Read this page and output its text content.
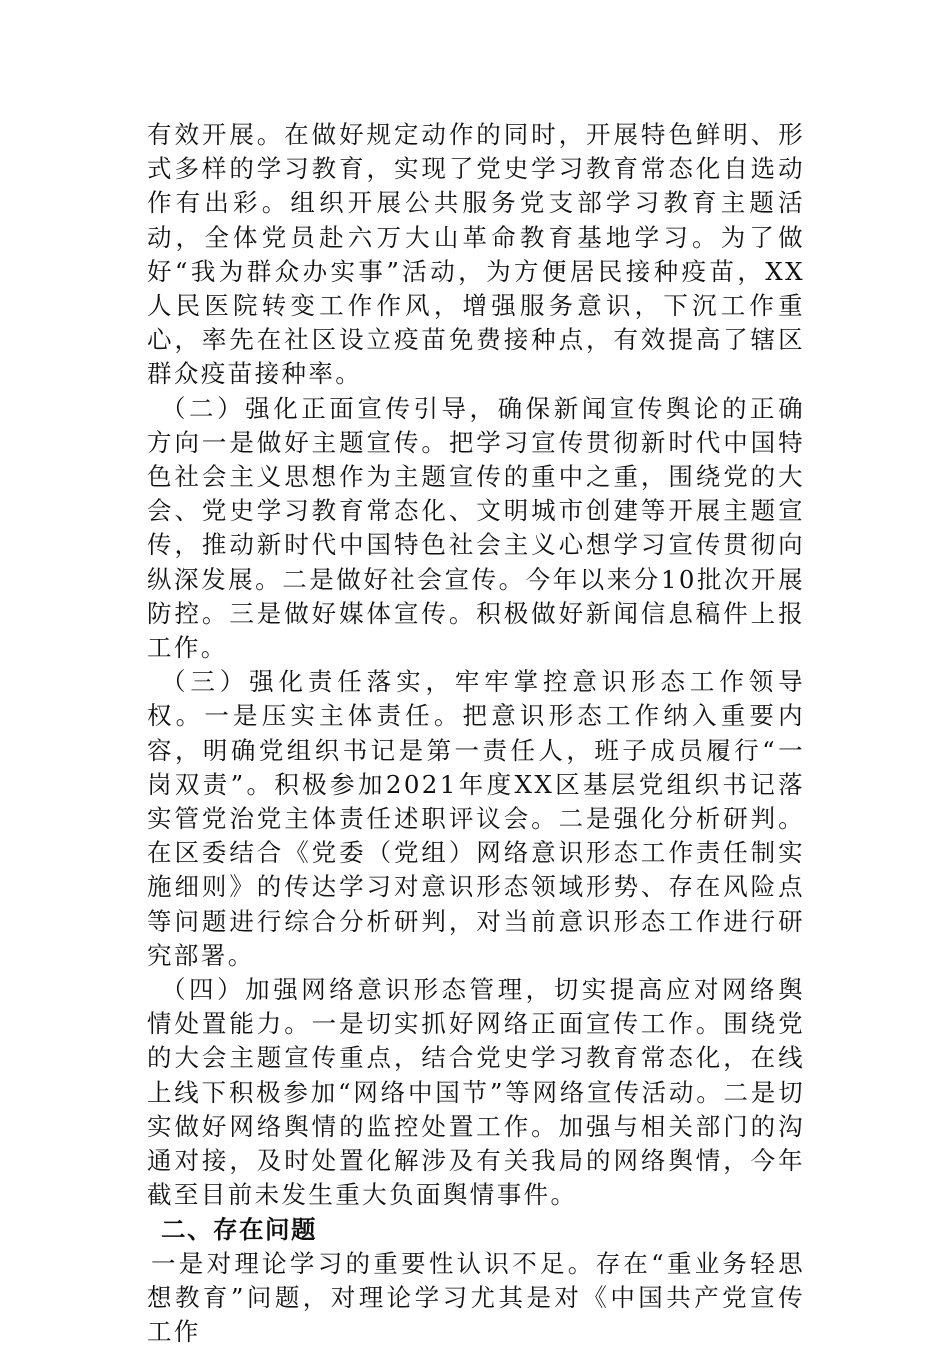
有效开展。在做好规定动作的同时，开展特色鲜明、形式多样的学习教育，实现了党史学习教育常态化自选动作有出彩。组织开展公共服务党支部学习教育主题活动，全体党员赴六万大山革命教育基地学习。为了做好“我为群众办实事”活动，为方便居民接种疫苗，XX人民医院转变工作作风，增强服务意识，下沉工作重心，率先在社区设立疫苗免费接种点，有效提高了辖区群众疫苗接种率。

（二）强化正面宣传引导，确保新闻宣传舆论的正确方向一是做好主题宣传。把学习宣传贯彻新时代中国特色社会主义思想作为主题宣传的重中之重，围绕党的大会、党史学习教育常态化、文明城市创建等开展主题宣传，推动新时代中国特色社会主义心想学习宣传贯彻向纵深发展。二是做好社会宣传。今年以来分10批次开展防控。三是做好媒体宣传。积极做好新闻信息稿件上报工作。

（三）强化责任落实，牢牢掌控意识形态工作领导权。一是压实主体责任。把意识形态工作纳入重要内容，明确党组织书记是第一责任人，班子成员履行“一岗双责”。积极参加2021年度XX区基层党组织书记落实管党治党主体责任述职评议会。二是强化分析研判。在区委结合《党委（党组）网络意识形态工作责任制实施细则》的传达学习对意识形态领域形势、存在风险点等问题进行综合分析研判，对当前意识形态工作进行研究部署。

（四）加强网络意识形态管理，切实提高应对网络舆情处置能力。一是切实抓好网络正面宣传工作。围绕党的大会主题宣传重点，结合党史学习教育常态化，在线上线下积极参加“网络中国节”等网络宣传活动。二是切实做好网络舆情的监控处置工作。加强与相关部门的沟通对接，及时处置化解涉及有关我局的网络舆情，今年截至目前未发生重大负面舆情事件。

二、存在问题

一是对理论学习的重要性认识不足。存在“重业务轻思想教育”问题，对理论学习尤其是对《中国共产党宣传工作
